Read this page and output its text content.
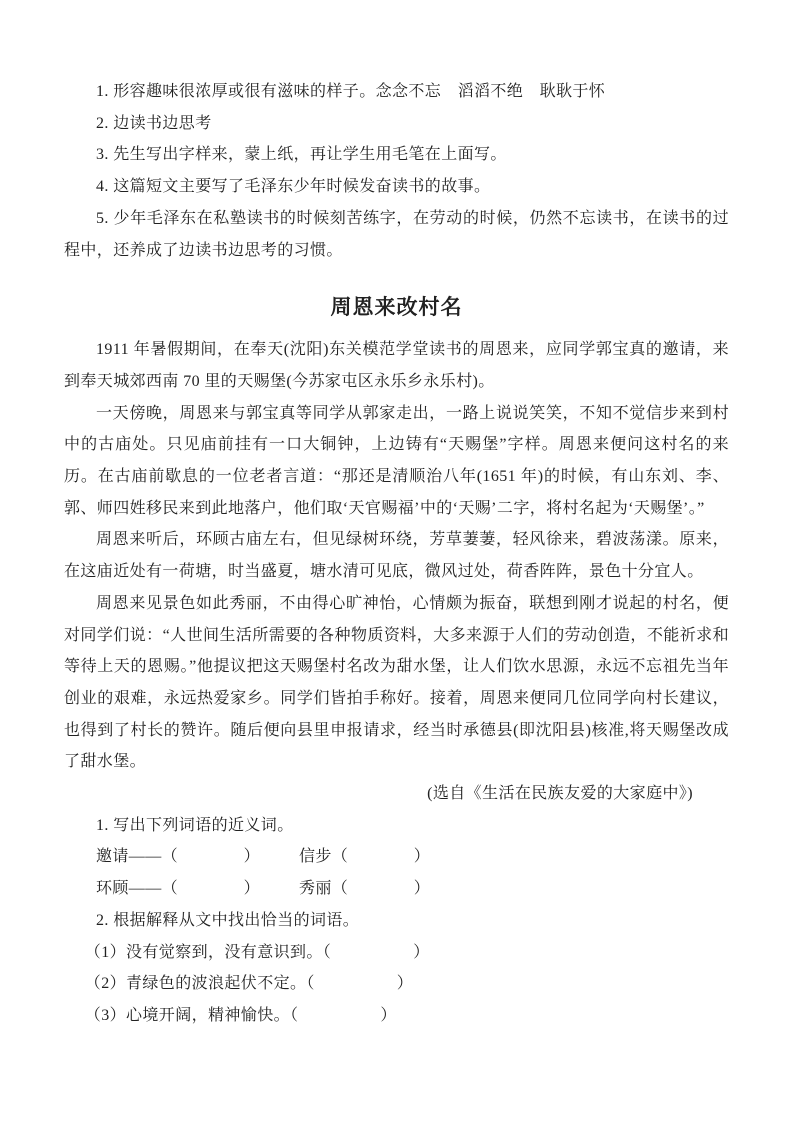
1. 形容趣味很浓厚或很有滋味的样子。念念不忘　滔滔不绝　耿耿于怀

2. 边读书边思考

3. 先生写出字样来，蒙上纸，再让学生用毛笔在上面写。

4. 这篇短文主要写了毛泽东少年时候发奋读书的故事。

5. 少年毛泽东在私塾读书的时候刻苦练字，在劳动的时候，仍然不忘读书，在读书的过程中，还养成了边读书边思考的习惯。

周恩来改村名

1911 年暑假期间，在奉天(沈阳)东关模范学堂读书的周恩来，应同学郭宝真的邀请，来到奉天城郊西南 70 里的天赐堡(今苏家屯区永乐乡永乐村)。

一天傍晚，周恩来与郭宝真等同学从郭家走出，一路上说说笑笑，不知不觉信步来到村中的古庙处。只见庙前挂有一口大铜钟，上边铸有“天赐堡”字样。周恩来便问这村名的来历。在古庙前歇息的一位老者言道：“那还是清顺治八年(1651 年)的时候，有山东刘、李、郭、师四姓移民来到此地落户，他们取‘天官赐福’中的‘天赐’二字，将村名起为‘天赐堡’。”

周恩来听后，环顾古庙左右，但见绿树环绕，芳草萋萋，轻风徐来，碧波荡漾。原来，在这庙近处有一荷塘，时当盛夏，塘水清可见底，微风过处，荷香阵阵，景色十分宜人。

周恩来见景色如此秀丽，不由得心旷神怡，心情颇为振奋，联想到刚才说起的村名，便对同学们说：“人世间生活所需要的各种物质资料，大多来源于人们的劳动创造，不能祈求和等待上天的恩赐。”他提议把这天赐堡村名改为甜水堡，让人们饮水思源，永远不忘祖先当年创业的艰难，永远热爱家乡。同学们皆拍手称好。接着，周恩来便同几位同学向村长建议，也得到了村长的赞许。随后便向县里申报请求，经当时承德县(即沈阳县)核准,将天赐堡改成了甜水堡。

(选自《生活在民族友爱的大家庭中》)

1. 写出下列词语的近义词。

邀请——（　　　　） 信步（　　　　）

环顾——（　　　　） 秀丽（　　　　）

2. 根据解释从文中找出恰当的词语。

（1）没有觉察到，没有意识到。（　　　　　）

（2）青绿色的波浪起伏不定。（　　　　　）

（3）心境开阔，精神愉快。（　　　　　）
